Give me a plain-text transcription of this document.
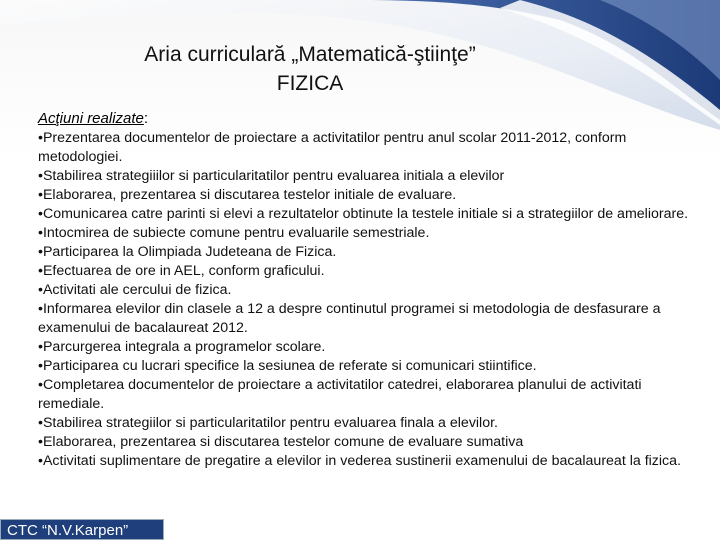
Aria curriculară „Matematică-ştiinţe”
FIZICA
Acţiuni realizate:

•Prezentarea documentelor de proiectare a activitatilor pentru anul scolar 2011-2012, conform metodologiei.

•Stabilirea strategiiilor si particularitatilor pentru evaluarea initiala a elevilor

•Elaborarea, prezentarea si discutarea testelor initiale de evaluare.

•Comunicarea catre parinti si elevi a rezultatelor obtinute la testele initiale si a strategiilor de ameliorare.

•Intocmirea de subiecte comune pentru evaluarile semestriale.

•Participarea la Olimpiada Judeteana de Fizica.

•Efectuarea de ore in AEL, conform graficului.

•Activitati ale cercului de fizica.

•Informarea elevilor din clasele a 12 a despre continutul programei si metodologia de desfasurare a examenului de bacalaureat 2012.

•Parcurgerea integrala a programelor scolare.

•Participarea cu lucrari specifice la sesiunea de referate si comunicari stiintifice.

•Completarea documentelor de proiectare a activitatilor catedrei, elaborarea planului de activitati remediale.

•Stabilirea strategiilor si particularitatilor pentru evaluarea finala a elevilor.

•Elaborarea, prezentarea si discutarea testelor comune de evaluare sumativa

•Activitati suplimentare de pregatire a elevilor in vederea sustinerii examenului de bacalaureat la fizica.

CTC “N.V.Karpen”
